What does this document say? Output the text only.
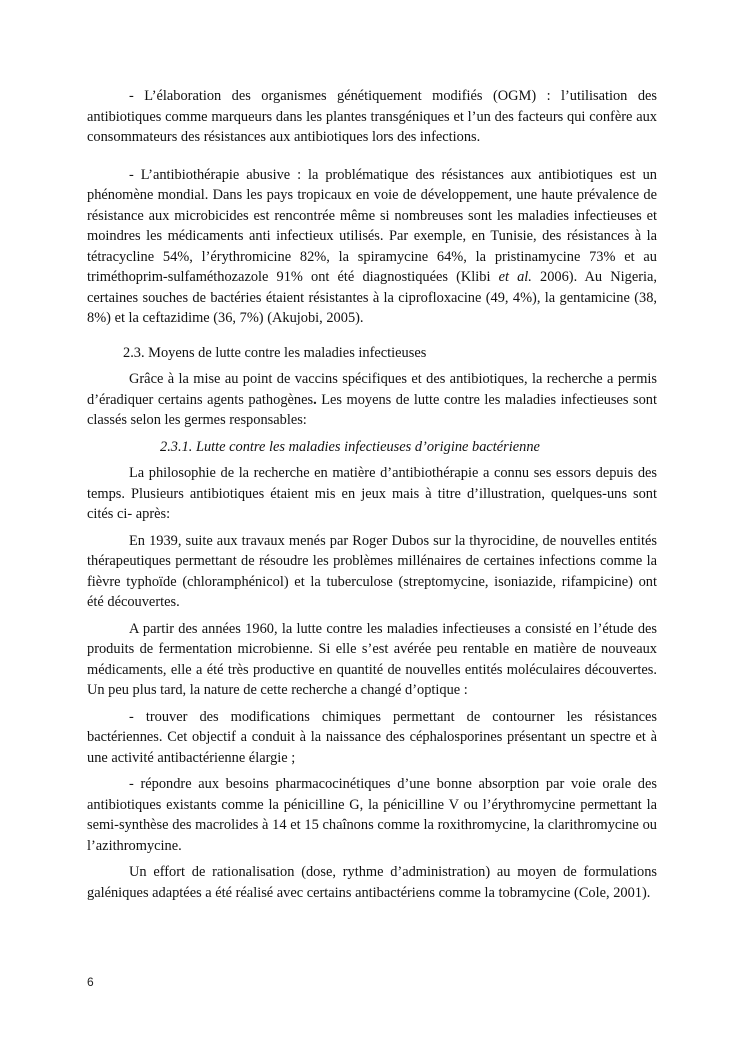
- L’élaboration des organismes génétiquement modifiés (OGM) : l’utilisation des antibiotiques comme marqueurs dans les plantes transgéniques et l’un des facteurs qui confère aux consommateurs des résistances aux antibiotiques lors des infections.

- L’antibiothérapie abusive : la problématique des résistances aux antibiotiques est un phénomène mondial. Dans les pays tropicaux en voie de développement, une haute prévalence de résistance aux microbicides est rencontrée même si nombreuses sont les maladies infectieuses et moindres les médicaments anti infectieux utilisés. Par exemple, en Tunisie, des résistances à la tétracycline 54%, l’érythromicine 82%, la spiramycine 64%, la pristinamycine 73% et au triméthoprim-sulfaméthozazole 91% ont été diagnostiquées (Klibi et al. 2006). Au Nigeria, certaines souches de bactéries étaient résistantes à la ciprofloxacine (49, 4%), la gentamicine (38, 8%) et la ceftazidime (36, 7%) (Akujobi, 2005).

2.3. Moyens de lutte contre les maladies infectieuses

Grâce à la mise au point de vaccins spécifiques et des antibiotiques, la recherche a permis d’éradiquer certains agents pathogènes. Les moyens de lutte contre les maladies infectieuses sont classés selon les germes responsables:

2.3.1. Lutte contre les maladies infectieuses d’origine bactérienne

La philosophie de la recherche en matière d’antibiothérapie a connu ses essors depuis des temps. Plusieurs antibiotiques étaient mis en jeux mais à titre d’illustration, quelques-uns sont cités ci- après:

En 1939, suite aux travaux menés par Roger Dubos sur la thyrocidine, de nouvelles entités thérapeutiques permettant de résoudre les problèmes millénaires de certaines infections comme la fièvre typhoïde (chloramphénicol) et la tuberculose (streptomycine, isoniazide, rifampicine) ont été découvertes.

A partir des années 1960, la lutte contre les maladies infectieuses a consisté en l’étude des produits de fermentation microbienne. Si elle s’est avérée peu rentable en matière de nouveaux médicaments, elle a été très productive en quantité de nouvelles entités moléculaires découvertes. Un peu plus tard, la nature de cette recherche a changé d’optique :

- trouver des modifications chimiques permettant de contourner les résistances bactériennes. Cet objectif a conduit à la naissance des céphalosporines présentant un spectre et à une activité antibactérienne élargie ;

- répondre aux besoins pharmacocinétiques d’une bonne absorption par voie orale des antibiotiques existants comme la pénicilline G, la pénicilline V ou l’érythromycine permettant la semi-synthèse des macrolides à 14 et 15 chaînons comme la roxithromycine, la clarithromycine ou l’azithromycine.

Un effort de rationalisation (dose, rythme d’administration) au moyen de formulations galéniques adaptées a été réalisé avec certains antibactériens comme la tobramycine (Cole, 2001).

6
